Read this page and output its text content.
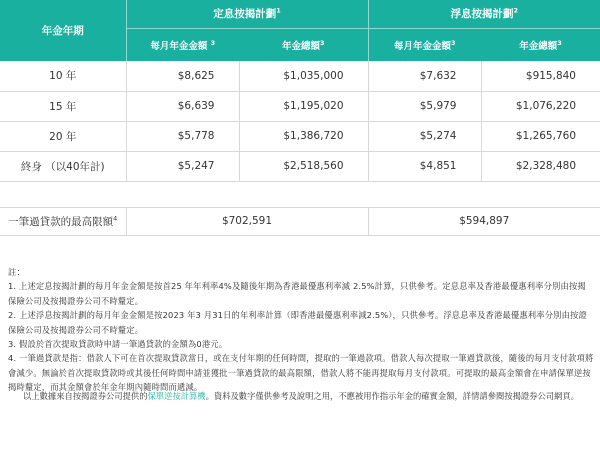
年金年期	定息按揭計劃$^1$		浮息按揭計劃$^2$
	每月年金金額 $^3$	年金總額$^3$	每月年金金額$^3$	年金總額$^3$
10 年	$8,625	$1,035,000	$7,632	$915,840
15 年	$6,639	$1,195,020	$5,979	$1,076,220
20 年	$5,778	$1,386,720	$5,274	$1,265,760
終身 （以40年計)	$5,247	$2,518,560	$4,851	$2,328,480

一筆過貸款的最高限額$^4$	$702,591		$594,897	

註：

1. 上述定息按揭計劃的每月年金金額是按首25 年年利率4%及隨後年期為香港最優惠利率減 2.5%計算，只供參考。定息息率及香港最優惠利率分別由按揭保險公司及按揭證券公司不時釐定。

2. 上述浮息按揭計劃的每月年金金額是按2023 年3 月31日的年利率計算（即香港最優惠利率減2.5%），只供參考。浮息息率及香港最優惠利率分別由按證保險公司及按揭證券公司不時釐定。

3. 假設於首次提取貸款時申請一筆過貸款的金額為0港元。

4. 一筆過貸款是指：借款人下可在首次提取貸款當日，或在支付年期的任何時間，提取的一筆過款項。借款人每次提取一筆過貸款後，隨後的每月支付款項將會減少。無論於首次提取貸款時或其後任何時間申請並獲批一筆過貸款的最高限額，借款人將不能再提取每月支付款項。可提取的最高金額會在申請保單逆按揭時釐定，而其金額會於年金年期內隨時間而遞減。

以上數據來自按揭證券公司提供的保單逆按計算機。資料及數字僅供參考及說明之用，不應被用作指示年金的確實金額，詳情請參閱按揭證券公司網頁。
